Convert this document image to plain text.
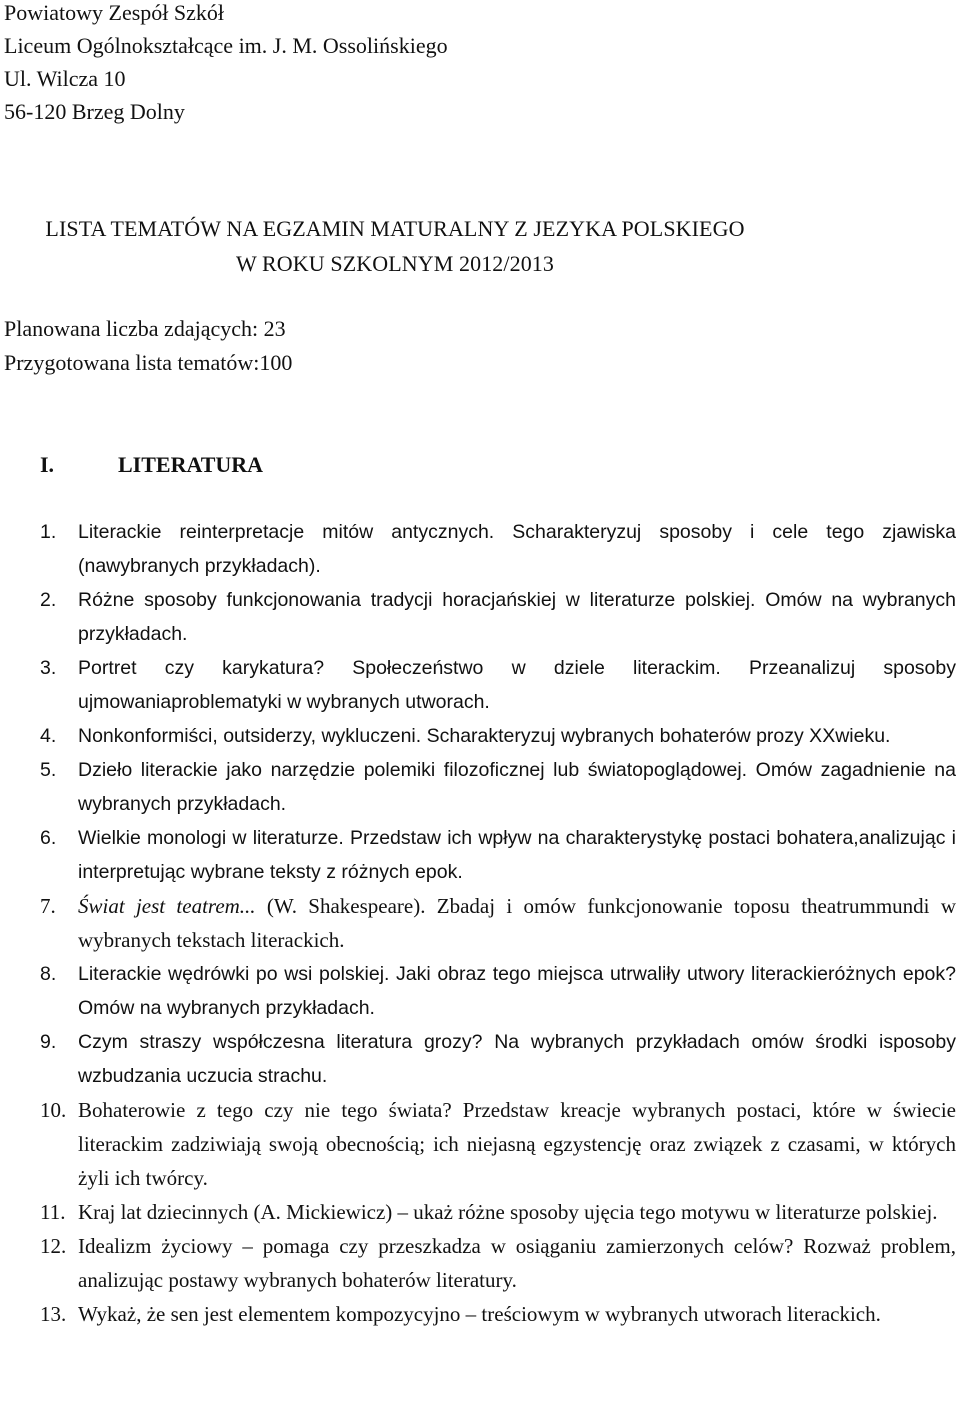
Powiatowy Zespół Szkół
Liceum Ogólnokształcące im. J. M. Ossolińskiego
Ul. Wilcza 10
56-120 Brzeg Dolny
LISTA TEMATÓW NA EGZAMIN MATURALNY Z JEZYKA POLSKIEGO
W ROKU SZKOLNYM 2012/2013
Planowana liczba zdających: 23
Przygotowana lista tematów:100
I.	LITERATURA
1.	Literackie reinterpretacje mitów antycznych. Scharakteryzuj sposoby i cele tego zjawiska (nawybranych przykładach).
2.	Różne sposoby funkcjonowania tradycji horacjańskiej w literaturze polskiej. Omów na wybranych przykładach.
3.	Portret czy karykatura? Społeczeństwo w dziele literackim. Przeanalizuj sposoby ujmowaniaproblematyki w wybranych utworach.
4.	Nonkonformiści, outsiderzy, wykluczeni. Scharakteryzuj wybranych bohaterów prozy XXwieku.
5.	Dzieło literackie jako narzędzie polemiki filozoficznej lub światopoglądowej. Omów zagadnienie na wybranych przykładach.
6.	Wielkie monologi w literaturze. Przedstaw ich wpływ na charakterystykę postaci bohatera,analizując i interpretując wybrane teksty z różnych epok.
7.	Świat jest teatrem... (W. Shakespeare). Zbadaj i omów funkcjonowanie toposu theatrummundi w wybranych tekstach literackich.
8.	Literackie wędrówki po wsi polskiej. Jaki obraz tego miejsca utrwaliły utwory literackieróżnych epok? Omów na wybranych przykładach.
9.	Czym straszy współczesna literatura grozy? Na wybranych przykładach omów środki isposoby wzbudzania uczucia strachu.
10. Bohaterowie z tego czy nie tego świata? Przedstaw kreacje wybranych postaci, które w świecie literackim zadziwiają swoją obecnością; ich niejasną egzystencję oraz związek z czasami, w których żyli ich twórcy.
11. Kraj lat dziecinnych (A. Mickiewicz) – ukaż różne sposoby ujęcia tego motywu w literaturze polskiej.
12. Idealizm życiowy – pomaga czy przeszkadza w osiąganiu zamierzonych celów? Rozważ problem, analizując postawy wybranych bohaterów literatury.
13. Wykaż, że sen jest elementem kompozycyjno – treściowym w wybranych utworach literackich.
